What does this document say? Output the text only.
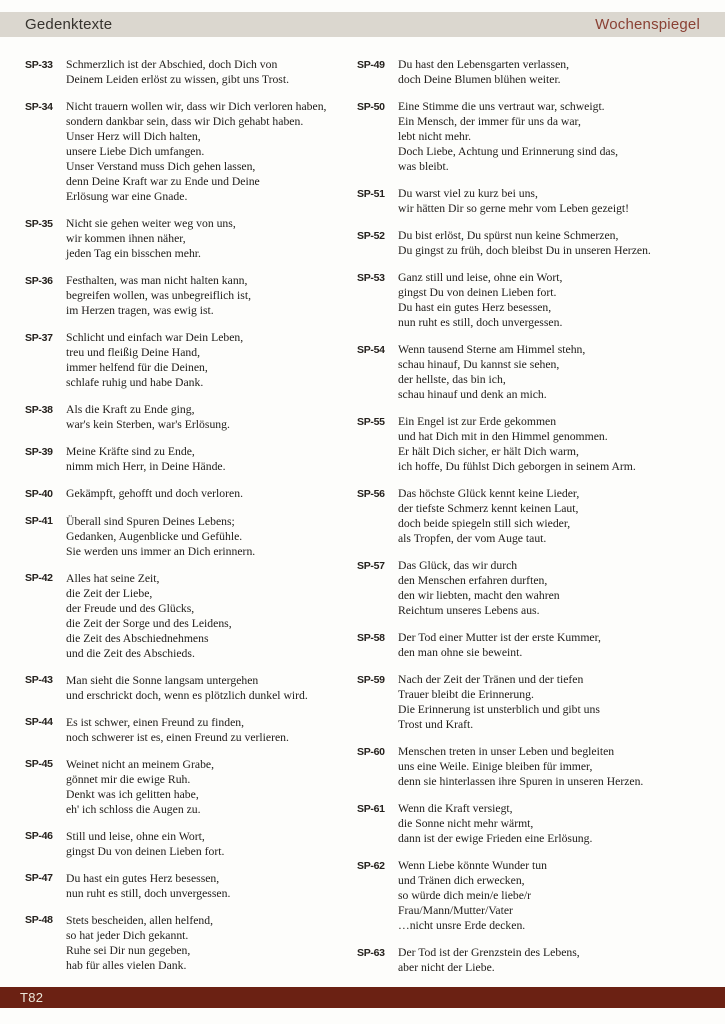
Gedenktexte	Wochenspiegel
SP-33	Schmerzlich ist der Abschied, doch Dich von
Deinem Leiden erlöst zu wissen, gibt uns Trost.
SP-34	Nicht trauern wollen wir, dass wir Dich verloren haben,
sondern dankbar sein, dass wir Dich gehabt haben.
Unser Herz will Dich halten,
unsere Liebe Dich umfangen.
Unser Verstand muss Dich gehen lassen,
denn Deine Kraft war zu Ende und Deine
Erlösung war eine Gnade.
SP-35	Nicht sie gehen weiter weg von uns,
wir kommen ihnen näher,
jeden Tag ein bisschen mehr.
SP-36	Festhalten, was man nicht halten kann,
begreifen wollen, was unbegreiflich ist,
im Herzen tragen, was ewig ist.
SP-37	Schlicht und einfach war Dein Leben,
treu und fleißig Deine Hand,
immer helfend für die Deinen,
schlafe ruhig und habe Dank.
SP-38	Als die Kraft zu Ende ging,
war's kein Sterben, war's Erlösung.
SP-39	Meine Kräfte sind zu Ende,
nimm mich Herr, in Deine Hände.
SP-40	Gekämpft, gehofft und doch verloren.
SP-41	Überall sind Spuren Deines Lebens;
Gedanken, Augenblicke und Gefühle.
Sie werden uns immer an Dich erinnern.
SP-42	Alles hat seine Zeit,
die Zeit der Liebe,
der Freude und des Glücks,
die Zeit der Sorge und des Leidens,
die Zeit des Abschiednehmens
und die Zeit des Abschieds.
SP-43	Man sieht die Sonne langsam untergehen
und erschrickt doch, wenn es plötzlich dunkel wird.
SP-44	Es ist schwer, einen Freund zu finden,
noch schwerer ist es, einen Freund zu verlieren.
SP-45	Weinet nicht an meinem Grabe,
gönnet mir die ewige Ruh.
Denkt was ich gelitten habe,
eh' ich schloss die Augen zu.
SP-46	Still und leise, ohne ein Wort,
gingst Du von deinen Lieben fort.
SP-47	Du hast ein gutes Herz besessen,
nun ruht es still, doch unvergessen.
SP-48	Stets bescheiden, allen helfend,
so hat jeder Dich gekannt.
Ruhe sei Dir nun gegeben,
hab für alles vielen Dank.
SP-49	Du hast den Lebensgarten verlassen,
doch Deine Blumen blühen weiter.
SP-50	Eine Stimme die uns vertraut war, schweigt.
Ein Mensch, der immer für uns da war,
lebt nicht mehr.
Doch Liebe, Achtung und Erinnerung sind das,
was bleibt.
SP-51	Du warst viel zu kurz bei uns,
wir hätten Dir so gerne mehr vom Leben gezeigt!
SP-52	Du bist erlöst, Du spürst nun keine Schmerzen,
Du gingst zu früh, doch bleibst Du in unseren Herzen.
SP-53	Ganz still und leise, ohne ein Wort,
gingst Du von deinen Lieben fort.
Du hast ein gutes Herz besessen,
nun ruht es still, doch unvergessen.
SP-54	Wenn tausend Sterne am Himmel stehn,
schau hinauf, Du kannst sie sehen,
der hellste, das bin ich,
schau hinauf und denk an mich.
SP-55	Ein Engel ist zur Erde gekommen
und hat Dich mit in den Himmel genommen.
Er hält Dich sicher, er hält Dich warm,
ich hoffe, Du fühlst Dich geborgen in seinem Arm.
SP-56	Das höchste Glück kennt keine Lieder,
der tiefste Schmerz kennt keinen Laut,
doch beide spiegeln still sich wieder,
als Tropfen, der vom Auge taut.
SP-57	Das Glück, das wir durch
den Menschen erfahren durften,
den wir liebten, macht den wahren
Reichtum unseres Lebens aus.
SP-58	Der Tod einer Mutter ist der erste Kummer,
den man ohne sie beweint.
SP-59	Nach der Zeit der Tränen und der tiefen
Trauer bleibt die Erinnerung.
Die Erinnerung ist unsterblich und gibt uns
Trost und Kraft.
SP-60	Menschen treten in unser Leben und begleiten
uns eine Weile. Einige bleiben für immer,
denn sie hinterlassen ihre Spuren in unseren Herzen.
SP-61	Wenn die Kraft versiegt,
die Sonne nicht mehr wärmt,
dann ist der ewige Frieden eine Erlösung.
SP-62	Wenn Liebe könnte Wunder tun
und Tränen dich erwecken,
so würde dich mein/e liebe/r
Frau/Mann/Mutter/Vater
…nicht unsre Erde decken.
SP-63	Der Tod ist der Grenzstein des Lebens,
aber nicht der Liebe.
T82
